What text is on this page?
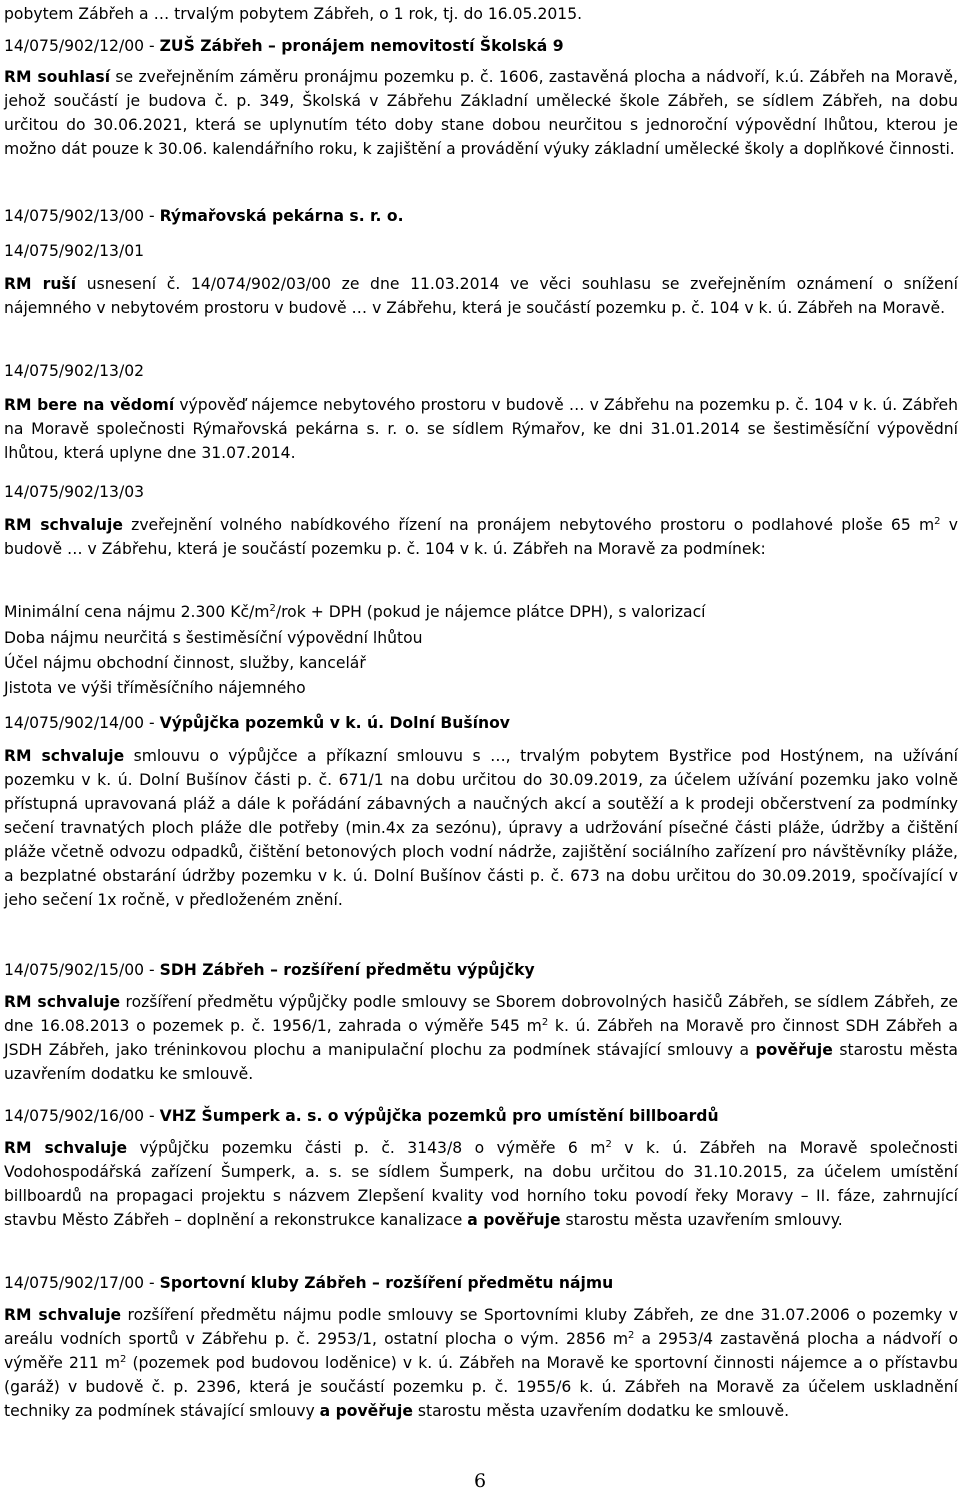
pobytem Zábřeh a … trvalým pobytem Zábřeh, o 1 rok, tj. do 16.05.2015.

14/075/902/12/00 - ZUŠ Zábřeh – pronájem nemovitostí Školská 9

RM souhlasí se zveřejněním záměru pronájmu pozemku p. č. 1606, zastavěná plocha a nádvoří, k.ú. Zábřeh na Moravě, jehož součástí je budova č. p. 349, Školská v Zábřehu Základní umělecké škole Zábřeh, se sídlem Zábřeh, na dobu určitou do 30.06.2021, která se uplynutím této doby stane dobou neurčitou s jednoroční výpovědní lhůtou, kterou je možno dát pouze k 30.06. kalendářního roku, k zajištění a provádění výuky základní umělecké školy a doplňkové činnosti.

14/075/902/13/00 - Rýmařovská pekárna s. r. o.

14/075/902/13/01

RM ruší usnesení č. 14/074/902/03/00 ze dne 11.03.2014 ve věci souhlasu se zveřejněním oznámení o snížení nájemného v nebytovém prostoru v budově … v Zábřehu, která je součástí pozemku p. č. 104 v k. ú. Zábřeh na Moravě.

14/075/902/13/02

RM bere na vědomí výpověď nájemce nebytového prostoru v budově … v Zábřehu na pozemku p. č. 104 v k. ú. Zábřeh na Moravě společnosti Rýmařovská pekárna s. r. o. se sídlem Rýmařov, ke dni 31.01.2014 se šestiměsíční výpovědní lhůtou, která uplyne dne 31.07.2014.

14/075/902/13/03

RM schvaluje zveřejnění volného nabídkového řízení na pronájem nebytového prostoru o podlahové ploše 65 $m^2$ v budově … v Zábřehu, která je součástí pozemku p. č. 104 v k. ú. Zábřeh na Moravě za podmínek:

Minimální cena nájmu 2.300 $Kč/m^2$/rok + DPH (pokud je nájemce plátce DPH), s valorizací

Doba nájmu neurčitá s šestiměsíční výpovědní lhůtou

Účel nájmu obchodní činnost, služby, kancelář

Jistota ve výši tříměsíčního nájemného

14/075/902/14/00 - Výpůjčka pozemků v k. ú. Dolní Bušínov

RM schvaluje smlouvu o výpůjčce a příkazní smlouvu s …, trvalým pobytem Bystřice pod Hostýnem, na užívání pozemku v k. ú. Dolní Bušínov části p. č. 671/1 na dobu určitou do 30.09.2019, za účelem užívání pozemku jako volně přístupná upravovaná pláž a dále k pořádání zábavných a naučných akcí a soutěží a k prodeji občerstvení za podmínky sečení travnatých ploch pláže dle potřeby (min.4x za sezónu), úpravy a udržování písečné části pláže, údržby a čištění pláže včetně odvozu odpadků, čištění betonových ploch vodní nádrže, zajištění sociálního zařízení pro návštěvníky pláže, a bezplatné obstarání údržby pozemku v k. ú. Dolní Bušínov části p. č. 673 na dobu určitou do 30.09.2019, spočívající v jeho sečení 1x ročně, v předloženém znění.

14/075/902/15/00 - SDH Zábřeh – rozšíření předmětu výpůjčky

RM schvaluje rozšíření předmětu výpůjčky podle smlouvy se Sborem dobrovolných hasičů Zábřeh, se sídlem Zábřeh, ze dne 16.08.2013 o pozemek p. č. 1956/1, zahrada o výměře 545 $m^2$ k. ú. Zábřeh na Moravě pro činnost SDH Zábřeh a JSDH Zábřeh, jako tréninkovou plochu a manipulační plochu za podmínek stávající smlouvy a pověřuje starostu města uzavřením dodatku ke smlouvě.

14/075/902/16/00 - VHZ Šumperk a. s. o výpůjčka pozemků pro umístění billboardů

RM schvaluje výpůjčku pozemku části p. č. 3143/8 o výměře 6 $m^2$ v k. ú. Zábřeh na Moravě společnosti Vodohospodářská zařízení Šumperk, a. s. se sídlem Šumperk, na dobu určitou do 31.10.2015, za účelem umístění billboardů na propagaci projektu s názvem Zlepšení kvality vod horního toku povodí řeky Moravy – II. fáze, zahrnující stavbu Město Zábřeh – doplnění a rekonstrukce kanalizace a pověřuje starostu města uzavřením smlouvy.

14/075/902/17/00 - Sportovní kluby Zábřeh – rozšíření předmětu nájmu

RM schvaluje rozšíření předmětu nájmu podle smlouvy se Sportovními kluby Zábřeh, ze dne 31.07.2006 o pozemky v areálu vodních sportů v Zábřehu p. č. 2953/1, ostatní plocha o vým. 2856 $m^2$ a 2953/4 zastavěná plocha a nádvoří o výměře 211 $m^2$ (pozemek pod budovou loděnice) v k. ú. Zábřeh na Moravě ke sportovní činnosti nájemce a o přístavbu (garáž) v budově č. p. 2396, která je součástí pozemku p. č. 1955/6 k. ú. Zábřeh na Moravě za účelem uskladnění techniky za podmínek stávající smlouvy a pověřuje starostu města uzavřením dodatku ke smlouvě.

6
